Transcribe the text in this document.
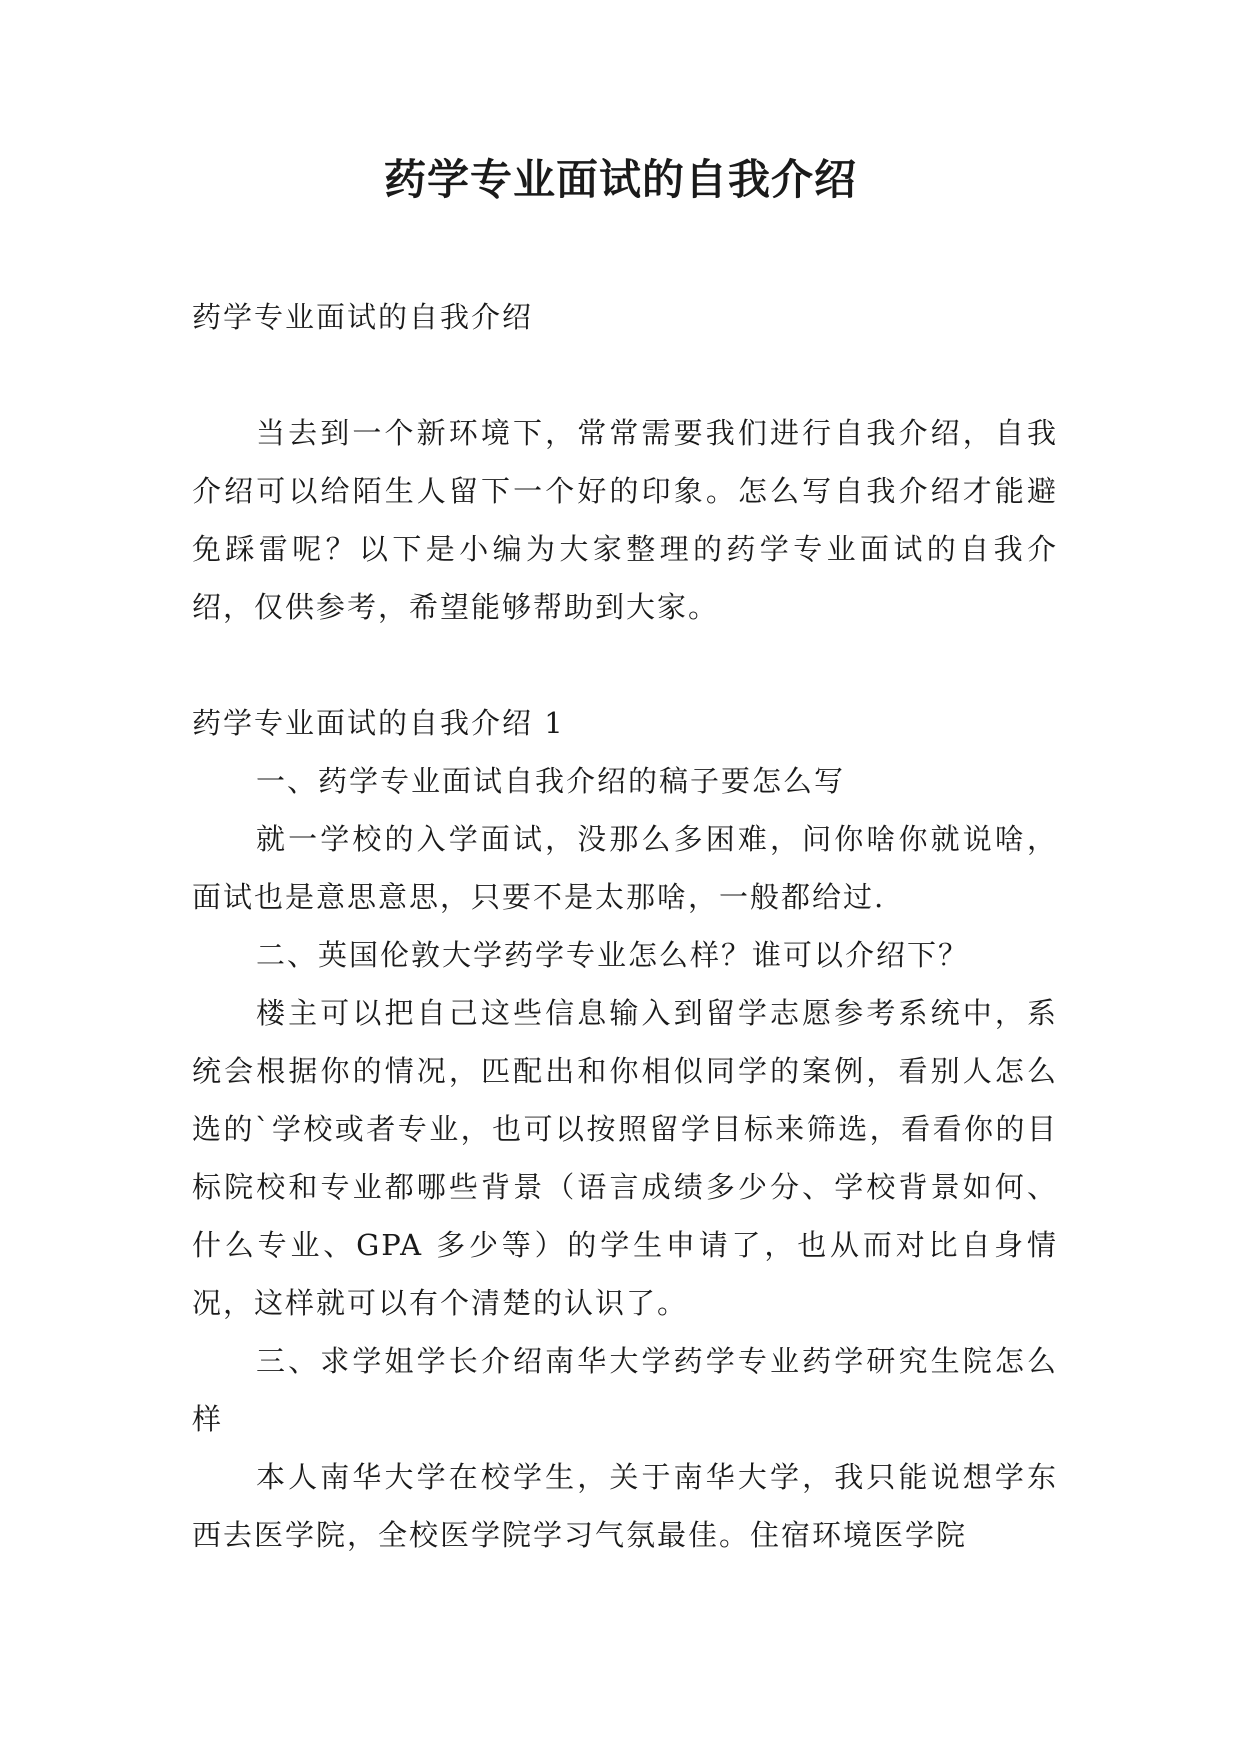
药学专业面试的自我介绍

药学专业面试的自我介绍

当去到一个新环境下，常常需要我们进行自我介绍，自我介绍可以给陌生人留下一个好的印象。怎么写自我介绍才能避免踩雷呢？以下是小编为大家整理的药学专业面试的自我介绍，仅供参考，希望能够帮助到大家。

药学专业面试的自我介绍 1

一、药学专业面试自我介绍的稿子要怎么写

就一学校的入学面试，没那么多困难，问你啥你就说啥，面试也是意思意思，只要不是太那啥，一般都给过.

二、英国伦敦大学药学专业怎么样？谁可以介绍下？

楼主可以把自己这些信息输入到留学志愿参考系统中，系统会根据你的情况，匹配出和你相似同学的案例，看别人怎么选的`学校或者专业，也可以按照留学目标来筛选，看看你的目标院校和专业都哪些背景（语言成绩多少分、学校背景如何、什么专业、GPA 多少等）的学生申请了，也从而对比自身情况，这样就可以有个清楚的认识了。

三、求学姐学长介绍南华大学药学专业药学研究生院怎么样

本人南华大学在校学生，关于南华大学，我只能说想学东西去医学院，全校医学院学习气氛最佳。住宿环境医学院
